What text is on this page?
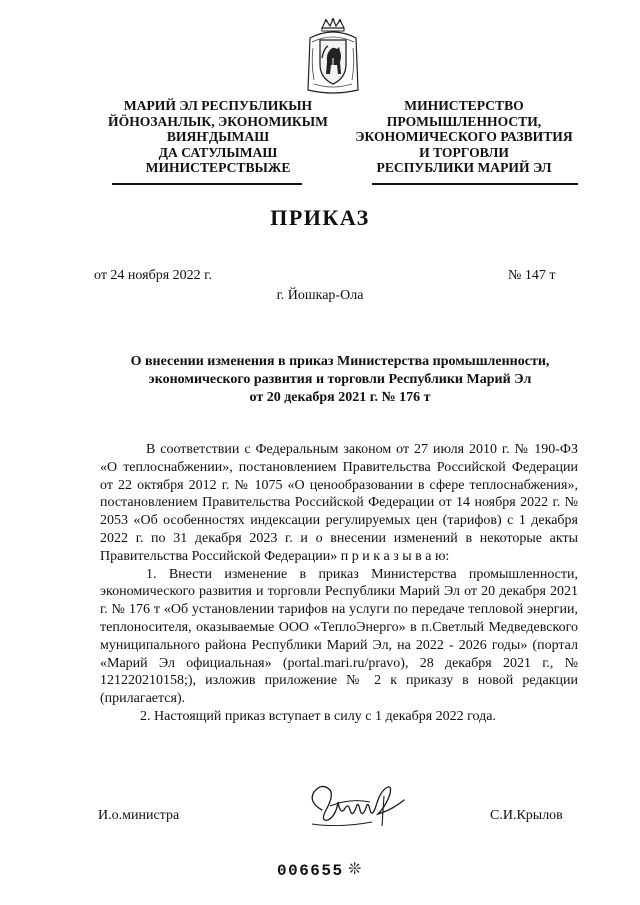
МАРИЙ ЭЛ РЕСПУБЛИКЫН
ЙӦНОЗАНЛЫК, ЭКОНОМИКЫМ
ВИЯҤДЫМАШ
ДА САТУЛЫМАШ
МИНИСТЕРСТВЫЖЕ
МИНИСТЕРСТВО
ПРОМЫШЛЕННОСТИ,
ЭКОНОМИЧЕСКОГО РАЗВИТИЯ
И ТОРГОВЛИ
РЕСПУБЛИКИ МАРИЙ ЭЛ
ПРИКАЗ
от 24 ноября 2022 г.	№ 147 т
г. Йошкар-Ола
О внесении изменения в приказ Министерства промышленности,
экономического развития и торговли Республики Марий Эл
от 20 декабря 2021 г. № 176 т

В соответствии с Федеральным законом от 27 июля 2010 г. № 190-ФЗ «О теплоснабжении», постановлением Правительства Российской Федерации от 22 октября 2012 г. № 1075 «О ценообразовании в сфере теплоснабжения», постановлением Правительства Российской Федерации от 14 ноября 2022 г. № 2053 «Об особенностях индексации регулируемых цен (тарифов) с 1 декабря 2022 г. по 31 декабря 2023 г. и о внесении изменений в некоторые акты Правительства Российской Федерации» п р и к а з ы в а ю:

1. Внести изменение в приказ Министерства промышленности, экономического развития и торговли Республики Марий Эл от 20 декабря 2021 г. № 176 т «Об установлении тарифов на услуги по передаче тепловой энергии, теплоносителя, оказываемые ООО «ТеплоЭнерго» в п.Светлый Медведевского муниципального района Республики Марий Эл, на 2022 - 2026 годы» (портал «Марий Эл официальная» (portal.mari.ru/pravo), 28 декабря 2021 г., № 121220210158;), изложив приложение № 2 к приказу в новой редакции (прилагается).

2. Настоящий приказ вступает в силу с 1 декабря 2022 года.

И.о.министра	С.И.Крылов
006655 ❊
